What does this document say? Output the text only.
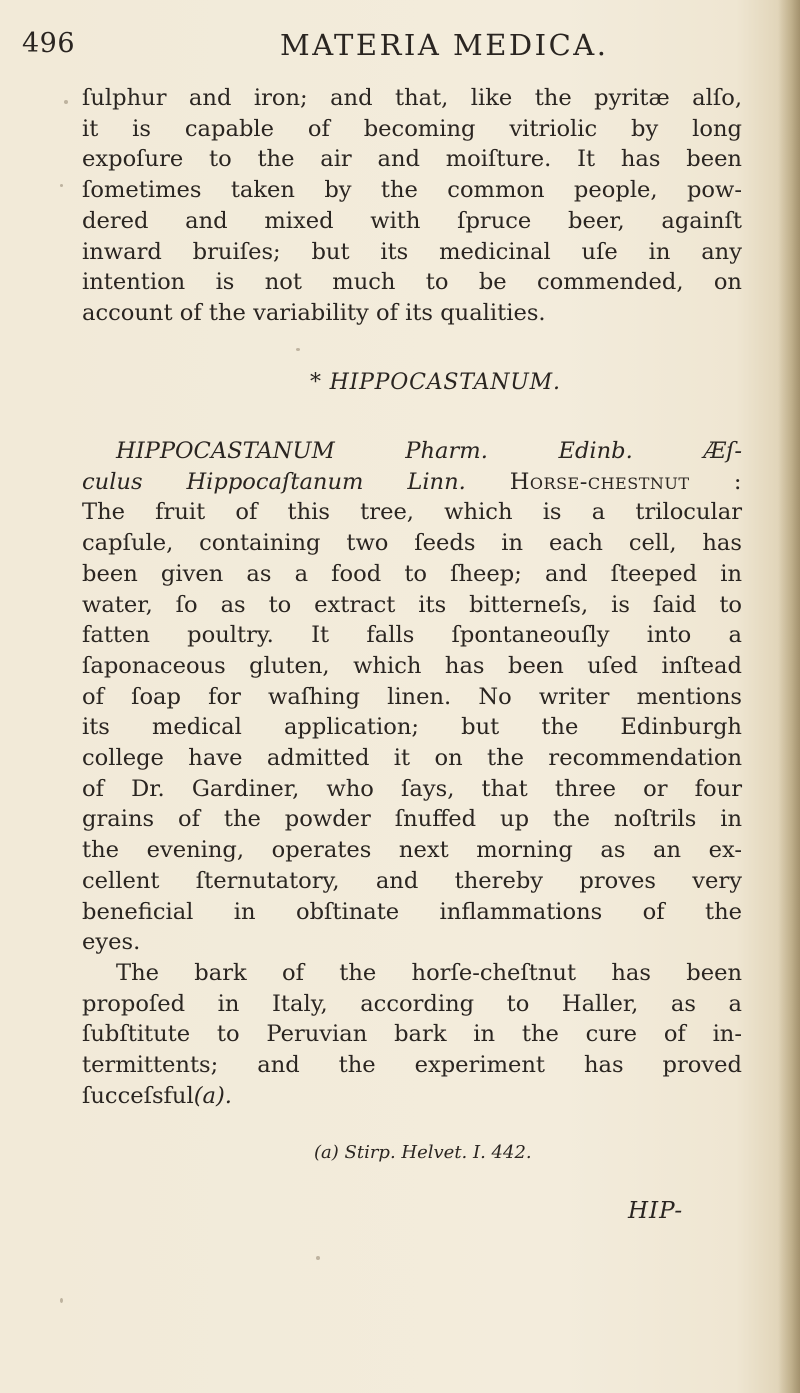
496	MATERIA MEDICA.

ſulphur and iron; and that, like the pyritæ alſo,

it is capable of becoming vitriolic by long

expoſure to the air and moiſture. It has been

ſometimes taken by the common people, pow-

dered and mixed with ſpruce beer, againſt

inward bruiſes; but its medicinal uſe in any

intention is not much to be commended, on

account of the variability of its qualities.

* HIPPOCASTANUM.

HIPPOCASTANUM	Pharm. Edinb.	Æſ-

culus Hippocaſtanum Linn. Horse-chestnut :

The fruit of this tree, which is a trilocular

capſule, containing two ſeeds in each cell, has

been given as a food to ſheep; and ſteeped in

water, ſo as to extract its bitterneſs, is ſaid to

fatten poultry. It falls ſpontaneouſly into a

ſaponaceous gluten, which has been uſed inſtead

of ſoap for waſhing linen. No writer mentions

its medical application; but the Edinburgh

college have admitted it on the recommendation

of Dr. Gardiner, who ſays, that three or four

grains of the powder ſnuffed up the noſtrils in

the evening, operates next morning as an ex-

cellent ſternutatory, and thereby proves very

beneficial in obſtinate inflammations of the

eyes.

The bark of the horſe-cheſtnut has been

propoſed in Italy, according to Haller, as a

ſubſtitute to Peruvian bark in the cure of in-

termittents; and the experiment has proved

ſucceſsful(a).

(a) Stirp. Helvet. I. 442.
HIP-
